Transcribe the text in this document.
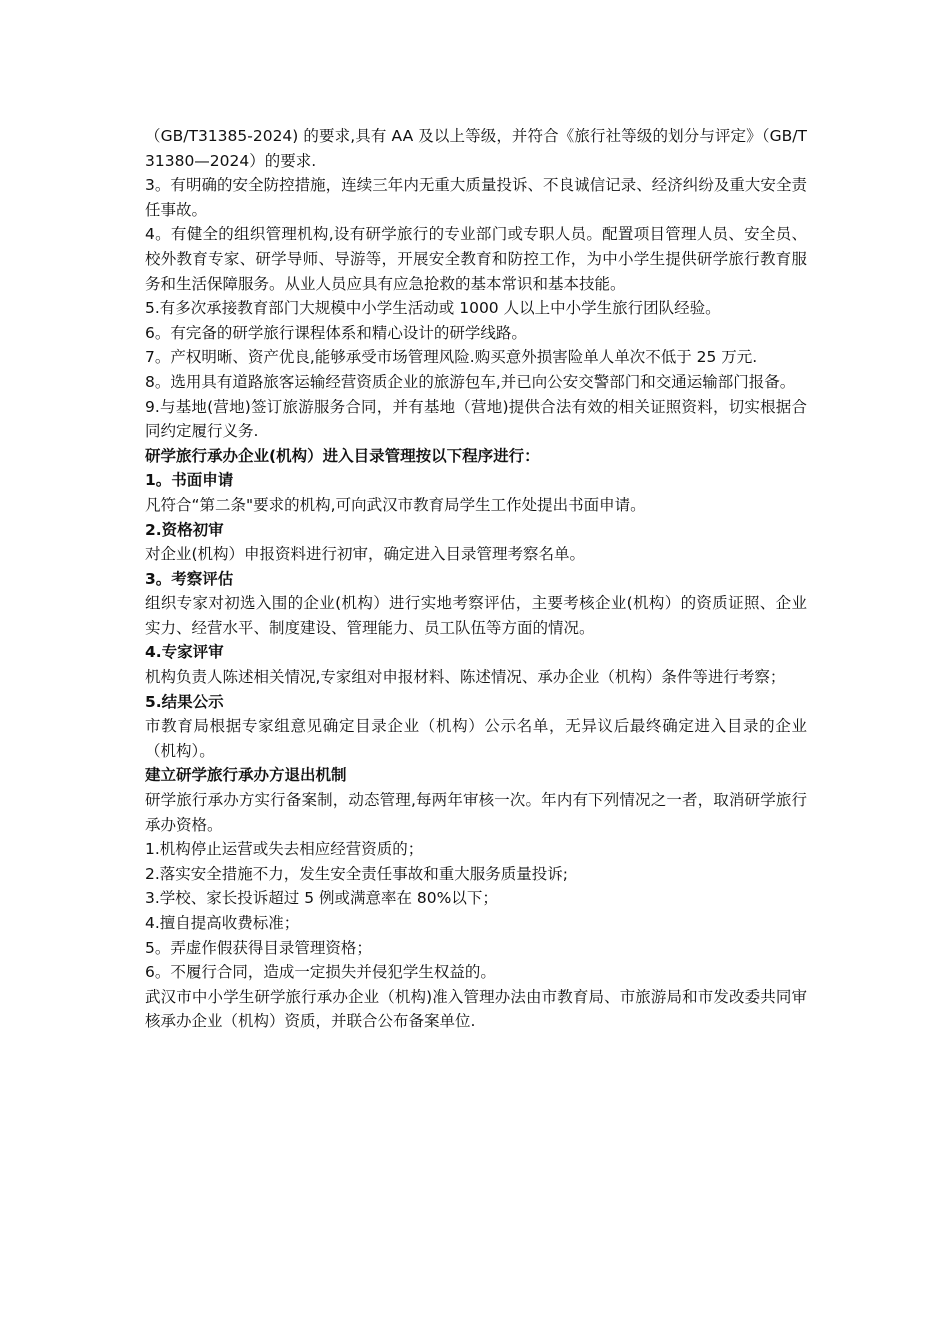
（GB/T31385-2024) 的要求,具有 AA 及以上等级，并符合《旅行社等级的划分与评定》（GB/T 31380—2024）的要求.

3。有明确的安全防控措施，连续三年内无重大质量投诉、不良诚信记录、经济纠纷及重大安全责任事故。

4。有健全的组织管理机构,设有研学旅行的专业部门或专职人员。配置项目管理人员、安全员、校外教育专家、研学导师、导游等，开展安全教育和防控工作，为中小学生提供研学旅行教育服务和生活保障服务。从业人员应具有应急抢救的基本常识和基本技能。

5.有多次承接教育部门大规模中小学生活动或 1000 人以上中小学生旅行团队经验。

6。有完备的研学旅行课程体系和精心设计的研学线路。

7。产权明晰、资产优良,能够承受市场管理风险.购买意外损害险单人单次不低于 25 万元.

8。选用具有道路旅客运输经营资质企业的旅游包车,并已向公安交警部门和交通运输部门报备。

9.与基地(营地)签订旅游服务合同，并有基地（营地)提供合法有效的相关证照资料，切实根据合同约定履行义务.

研学旅行承办企业(机构）进入目录管理按以下程序进行：

1。书面申请

凡符合“第二条"要求的机构,可向武汉市教育局学生工作处提出书面申请。

2.资格初审

对企业(机构）申报资料进行初审，确定进入目录管理考察名单。

3。考察评估

组织专家对初选入围的企业(机构）进行实地考察评估，主要考核企业(机构）的资质证照、企业实力、经营水平、制度建设、管理能力、员工队伍等方面的情况。

4.专家评审

机构负责人陈述相关情况,专家组对申报材料、陈述情况、承办企业（机构）条件等进行考察；

5.结果公示

市教育局根据专家组意见确定目录企业（机构）公示名单，无异议后最终确定进入目录的企业（机构）。

建立研学旅行承办方退出机制

研学旅行承办方实行备案制，动态管理,每两年审核一次。年内有下列情况之一者，取消研学旅行承办资格。

1.机构停止运营或失去相应经营资质的；

2.落实安全措施不力，发生安全责任事故和重大服务质量投诉;

3.学校、家长投诉超过 5 例或满意率在 80%以下；

4.擅自提高收费标准；

5。弄虚作假获得目录管理资格；

6。不履行合同，造成一定损失并侵犯学生权益的。

武汉市中小学生研学旅行承办企业（机构)准入管理办法由市教育局、市旅游局和市发改委共同审核承办企业（机构）资质，并联合公布备案单位.
